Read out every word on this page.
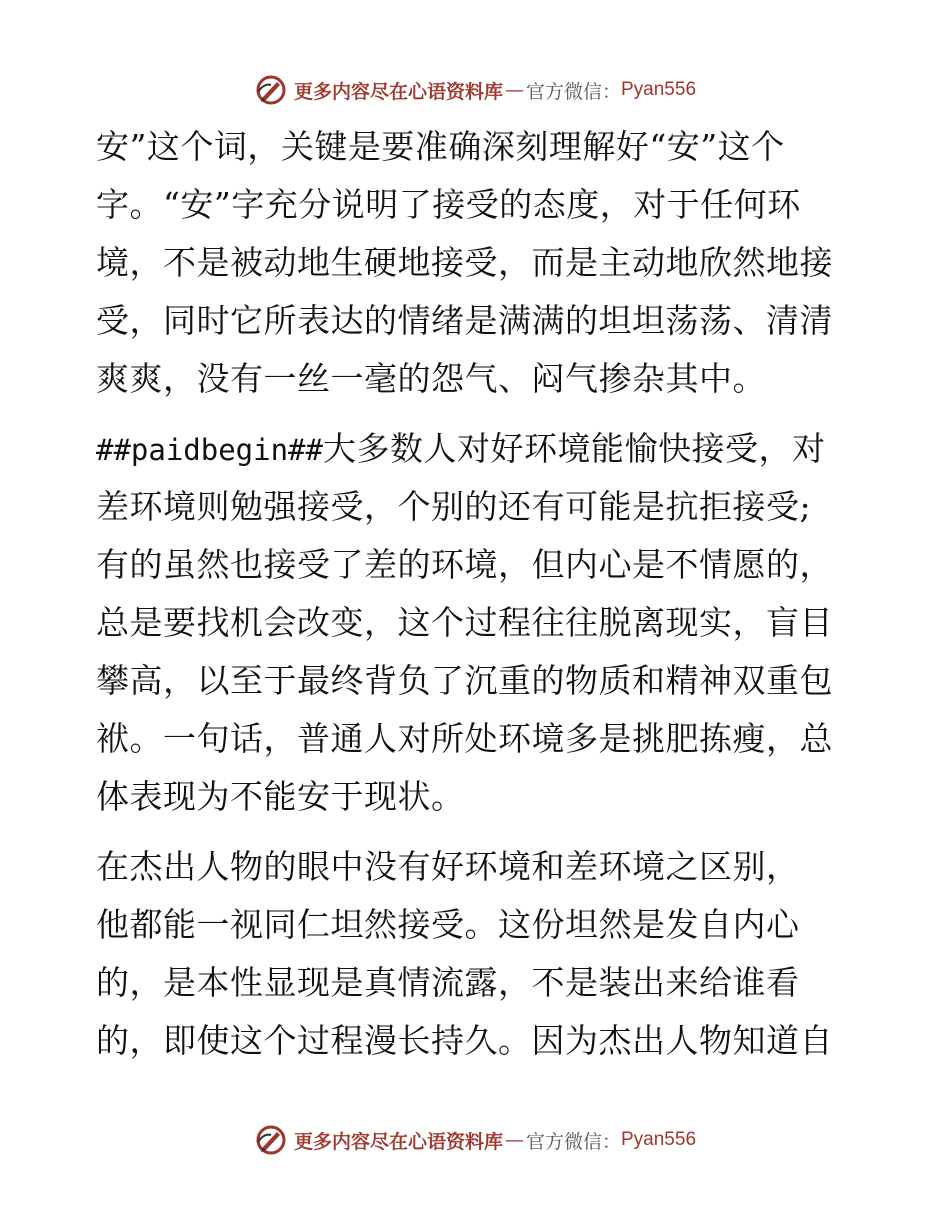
更多内容尽在心语资料库 — 官方微信： Pyan556
安”这个词，关键是要准确深刻理解好“安”这个
字。“安”字充分说明了接受的态度，对于任何环
境，不是被动地生硬地接受，而是主动地欣然地接
受，同时它所表达的情绪是满满的坦坦荡荡、清清
爽爽，没有一丝一毫的怨气、闷气掺杂其中。
##paidbegin##大多数人对好环境能愉快接受，对
差环境则勉强接受，个别的还有可能是抗拒接受;
有的虽然也接受了差的环境，但内心是不情愿的，
总是要找机会改变，这个过程往往脱离现实，盲目
攀高，以至于最终背负了沉重的物质和精神双重包
袱。一句话，普通人对所处环境多是挑肥拣瘦，总
体表现为不能安于现状。
在杰出人物的眼中没有好环境和差环境之区别，
他都能一视同仁坦然接受。这份坦然是发自内心
的，是本性显现是真情流露，不是装出来给谁看
的，即使这个过程漫长持久。因为杰出人物知道自
更多内容尽在心语资料库 — 官方微信： Pyan556
